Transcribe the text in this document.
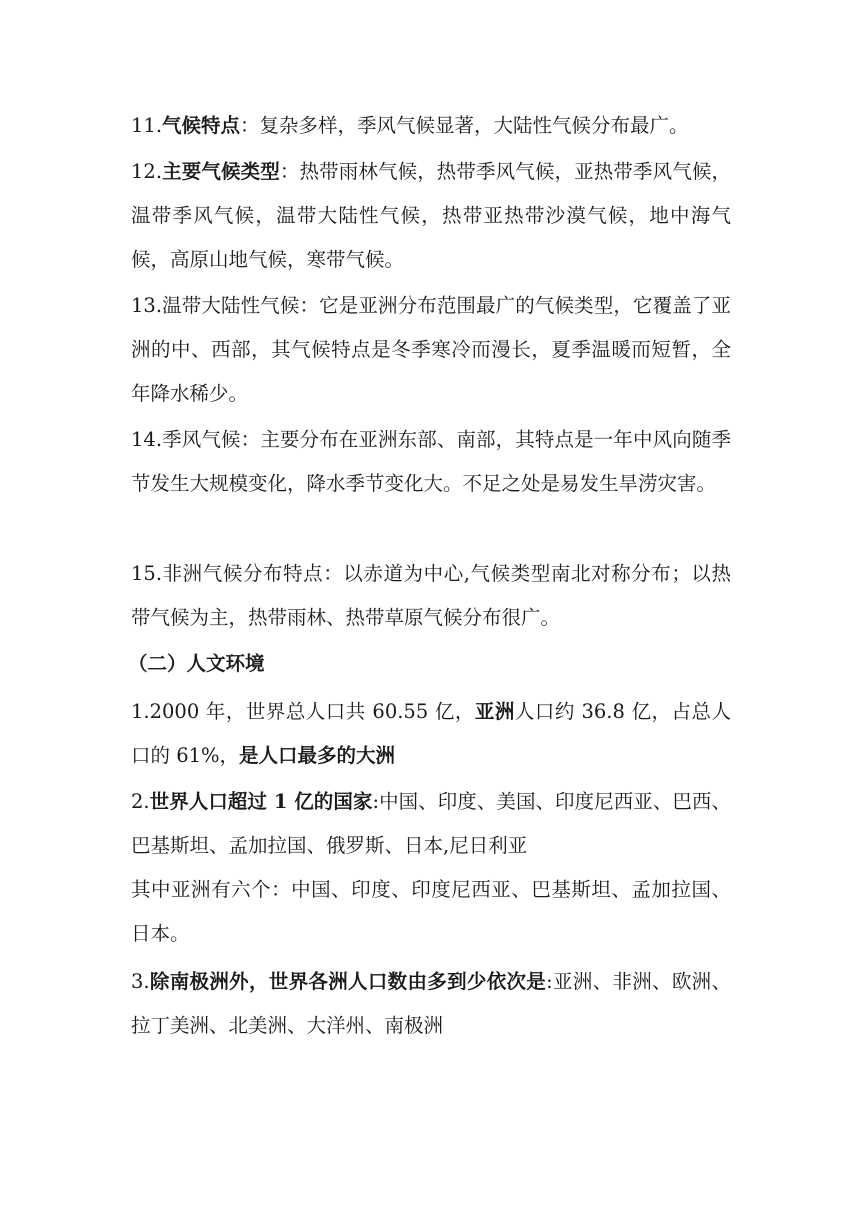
11.气候特点：复杂多样，季风气候显著，大陆性气候分布最广。
12.主要气候类型：热带雨林气候，热带季风气候，亚热带季风气候，温带季风气候，温带大陆性气候，热带亚热带沙漠气候，地中海气候，高原山地气候，寒带气候。
13.温带大陆性气候：它是亚洲分布范围最广的气候类型，它覆盖了亚洲的中、西部，其气候特点是冬季寒冷而漫长，夏季温暖而短暂，全年降水稀少。
14.季风气候：主要分布在亚洲东部、南部，其特点是一年中风向随季节发生大规模变化，降水季节变化大。不足之处是易发生旱涝灾害。
15.非洲气候分布特点：以赤道为中心,气候类型南北对称分布；以热带气候为主，热带雨林、热带草原气候分布很广。
（二）人文环境
1.2000 年，世界总人口共 60.55 亿，亚洲人口约 36.8 亿，占总人口的 61%，是人口最多的大洲
2.世界人口超过 1 亿的国家:中国、印度、美国、印度尼西亚、巴西、巴基斯坦、孟加拉国、俄罗斯、日本,尼日利亚
其中亚洲有六个：中国、印度、印度尼西亚、巴基斯坦、孟加拉国、日本。
3.除南极洲外，世界各洲人口数由多到少依次是:亚洲、非洲、欧洲、拉丁美洲、北美洲、大洋州、南极洲
